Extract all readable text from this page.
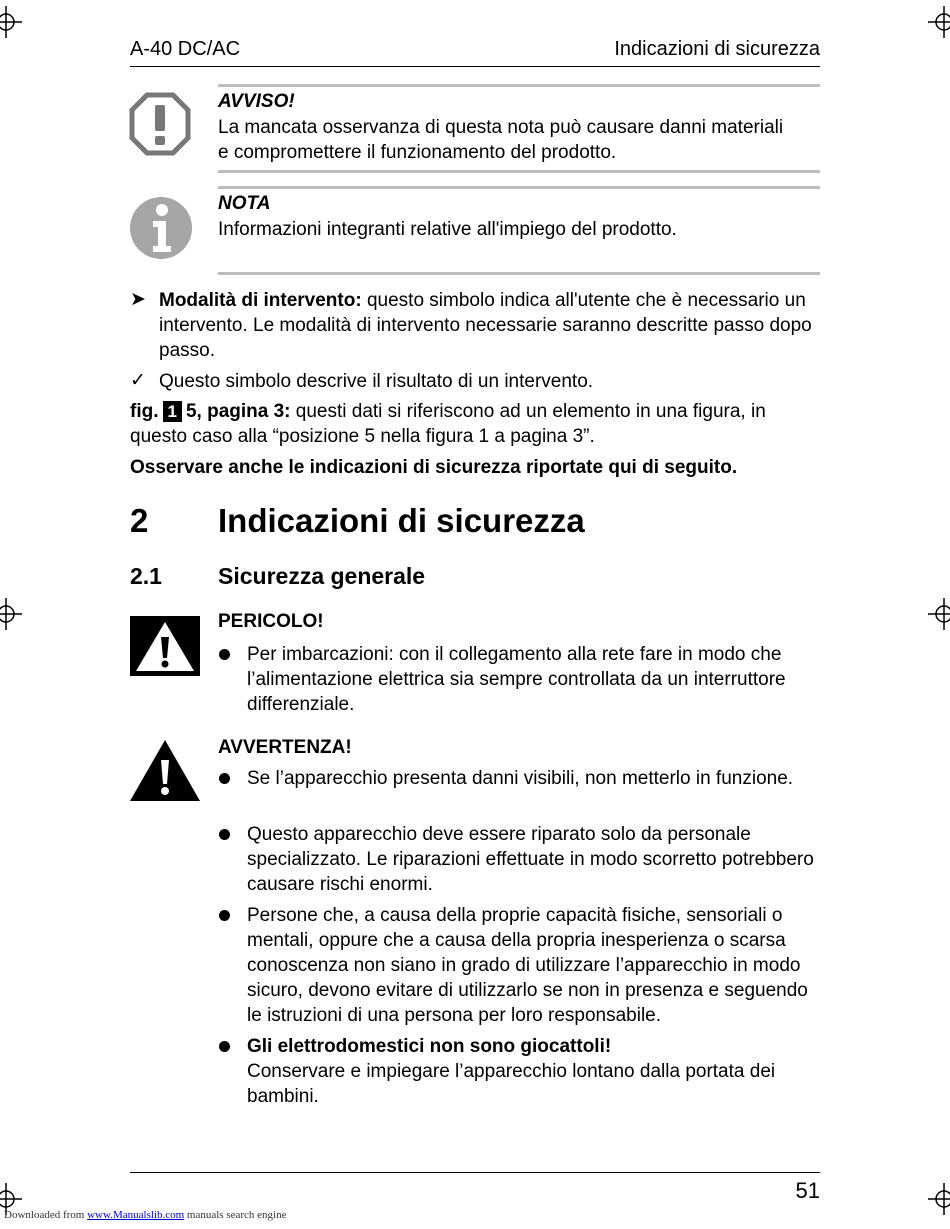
A-40 DC/AC	Indicazioni di sicurezza
AVVISO!
La mancata osservanza di questa nota può causare danni materiali
e compromettere il funzionamento del prodotto.
NOTA
Informazioni integranti relative all'impiego del prodotto.
➤ Modalità di intervento: questo simbolo indica all'utente che è necessario un intervento. Le modalità di intervento necessarie saranno descritte passo dopo passo.
✓ Questo simbolo descrive il risultato di un intervento.
fig. 1 5, pagina 3: questi dati si riferiscono ad un elemento in una figura, in questo caso alla “posizione 5 nella figura 1 a pagina 3”.
Osservare anche le indicazioni di sicurezza riportate qui di seguito.
2 Indicazioni di sicurezza
2.1 Sicurezza generale
PERICOLO!
Per imbarcazioni: con il collegamento alla rete fare in modo che l’alimentazione elettrica sia sempre controllata da un interruttore differenziale.
AVVERTENZA!
Se l’apparecchio presenta danni visibili, non metterlo in funzione.
Questo apparecchio deve essere riparato solo da personale specializzato. Le riparazioni effettuate in modo scorretto potrebbero causare rischi enormi.
Persone che, a causa della proprie capacità fisiche, sensoriali o mentali, oppure che a causa della propria inesperienza o scarsa conoscenza non siano in grado di utilizzare l’apparecchio in modo sicuro, devono evitare di utilizzarlo se non in presenza e seguendo le istruzioni di una persona per loro responsabile.
Gli elettrodomestici non sono giocattoli!
Conservare e impiegare l’apparecchio lontano dalla portata dei bambini.
51
Downloaded from www.Manualslib.com manuals search engine
